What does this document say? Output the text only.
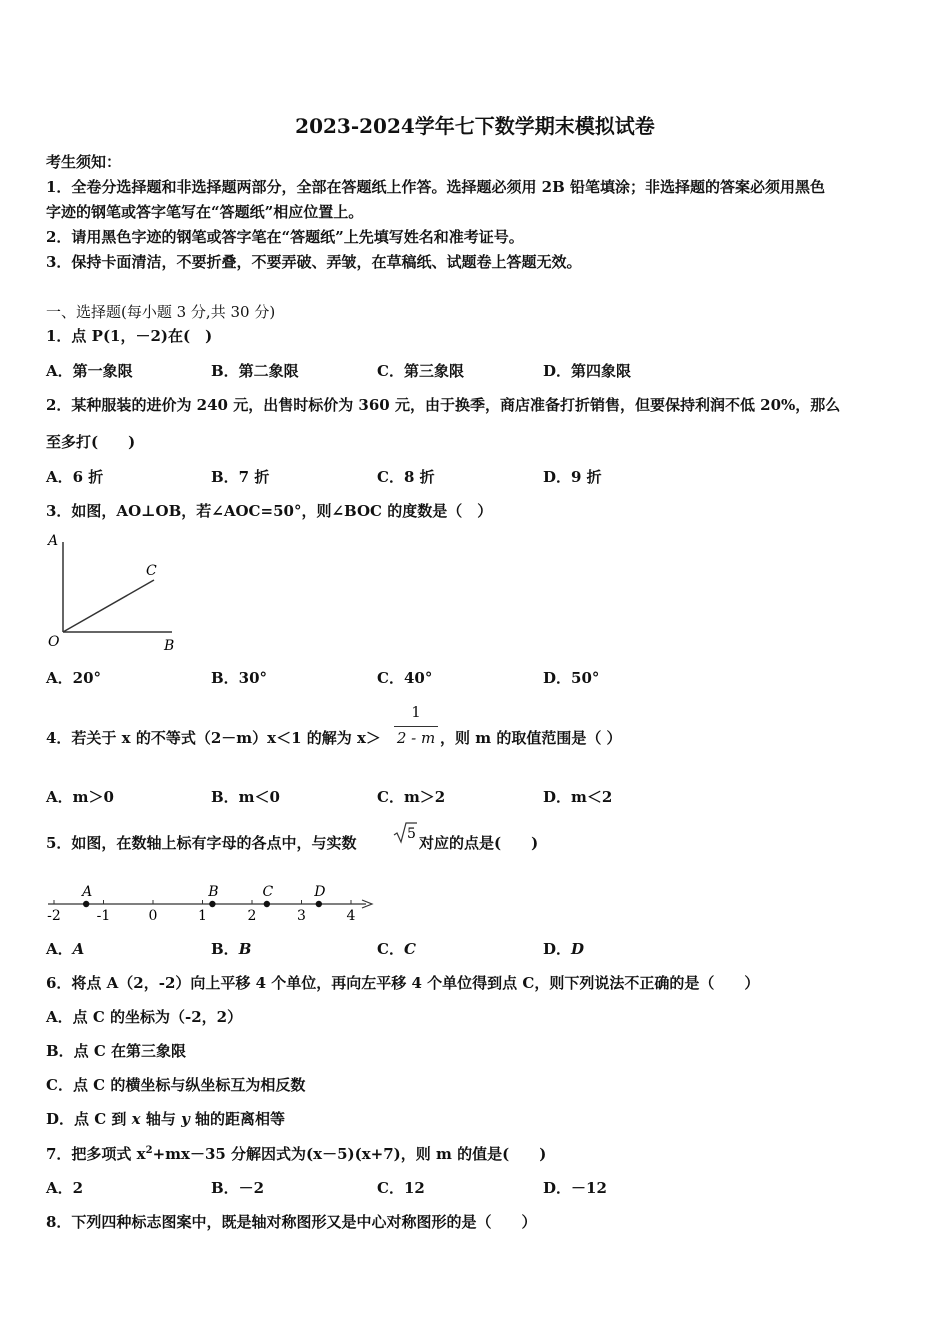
2023-2024学年七下数学期末模拟试卷
考生须知：
1．全卷分选择题和非选择题两部分，全部在答题纸上作答。选择题必须用 2B 铅笔填涂；非选择题的答案必须用黑色
字迹的钢笔或答字笔写在“答题纸”相应位置上。
2．请用黑色字迹的钢笔或答字笔在“答题纸”上先填写姓名和准考证号。
3．保持卡面清洁，不要折叠，不要弄破、弄皱，在草稿纸、试题卷上答题无效。
一、选择题(每小题 3 分,共 30 分)
1．点 P(1，－2)在(　)
A．第一象限	B．第二象限	C．第三象限	D．第四象限
2．某种服装的进价为 240 元，出售时标价为 360 元，由于换季，商店准备打折销售，但要保持利润不低 20%，那么
至多打(　　)
A．6 折	B．7 折	C．8 折	D．9 折
3．如图，AO⊥OB，若∠AOC=50°，则∠BOC 的度数是（　）
A
C
O	B
A．20°	B．30°	C．40°	D．50°
4．若关于 x 的不等式（2－m）x＜1 的解为 x＞
1
2 - m ，则 m 的取值范围是（ ）
A．m＞0	B．m＜0	C．m＞2	D．m＜2
5．如图，在数轴上标有字母的各点中，与实数	5 对应的点是(　　)
-2	-1	0	1	2	3	4
A	B	C	D
A．A	B．B	C．C	D．D
6．将点 A（2，-2）向上平移 4 个单位，再向左平移 4 个单位得到点 C，则下列说法不正确的是（　　）
A．点 C 的坐标为（-2，2）
B．点 C 在第三象限
C．点 C 的横坐标与纵坐标互为相反数
D．点 C 到 x 轴与 y 轴的距离相等
7．把多项式 $x^2+mx-35$ 分解因式为(x－5)(x+7)，则 m 的值是(　　)
A．2	B．－2	C．12	D．－12
8．下列四种标志图案中，既是轴对称图形又是中心对称图形的是（　　）
